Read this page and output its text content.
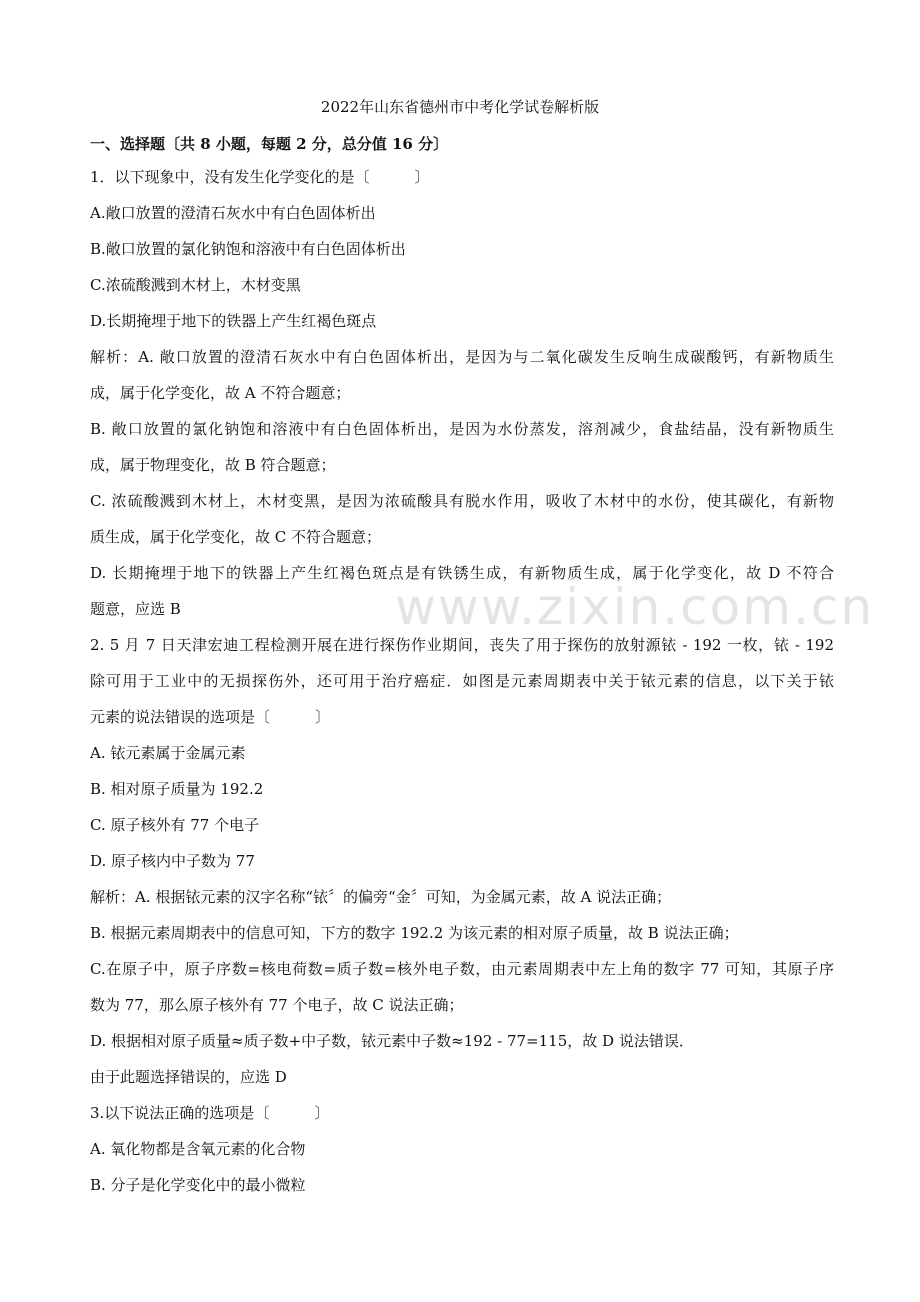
www.zixin.com.cn
2022年山东省德州市中考化学试卷解析版
一、选择题〔共 8 小题，每题 2 分，总分值 16 分〕
1．以下现象中，没有发生化学变化的是〔　　　〕
A.敞口放置的澄清石灰水中有白色固体析出
B.敞口放置的氯化钠饱和溶液中有白色固体析出
C.浓硫酸溅到木材上，木材变黑
D.长期掩埋于地下的铁器上产生红褐色斑点
解析：A. 敞口放置的澄清石灰水中有白色固体析出，是因为与二氧化碳发生反响生成碳酸钙，有新物质生
成，属于化学变化，故 A 不符合题意；
B. 敞口放置的氯化钠饱和溶液中有白色固体析出，是因为水份蒸发，溶剂减少，食盐结晶，没有新物质生
成，属于物理变化，故 B 符合题意；
C. 浓硫酸溅到木材上，木材变黑，是因为浓硫酸具有脱水作用，吸收了木材中的水份，使其碳化，有新物
质生成，属于化学变化，故 C 不符合题意；
D. 长期掩埋于地下的铁器上产生红褐色斑点是有铁锈生成，有新物质生成，属于化学变化，故 D 不符合
题意，应选 B
2. 5 月 7 日天津宏迪工程检测开展在进行探伤作业期间，丧失了用于探伤的放射源铱 - 192 一枚，铱 - 192
除可用于工业中的无损探伤外，还可用于治疗癌症．如图是元素周期表中关于铱元素的信息，以下关于铱
元素的说法错误的选项是〔　　　〕
A. 铱元素属于金属元素
B. 相对原子质量为 192.2
C. 原子核外有 77 个电子
D. 原子核内中子数为 77
解析：A. 根据铱元素的汉字名称“铱〞的偏旁“金〞可知，为金属元素，故 A 说法正确；
B. 根据元素周期表中的信息可知，下方的数字 192.2 为该元素的相对原子质量，故 B 说法正确；
C.在原子中，原子序数=核电荷数=质子数=核外电子数，由元素周期表中左上角的数字 77 可知，其原子序
数为 77，那么原子核外有 77 个电子，故 C 说法正确；
D. 根据相对原子质量≈质子数+中子数，铱元素中子数≈192 - 77=115，故 D 说法错误．
由于此题选择错误的，应选 D
3.以下说法正确的选项是〔　　　〕
A. 氧化物都是含氧元素的化合物
B. 分子是化学变化中的最小微粒
